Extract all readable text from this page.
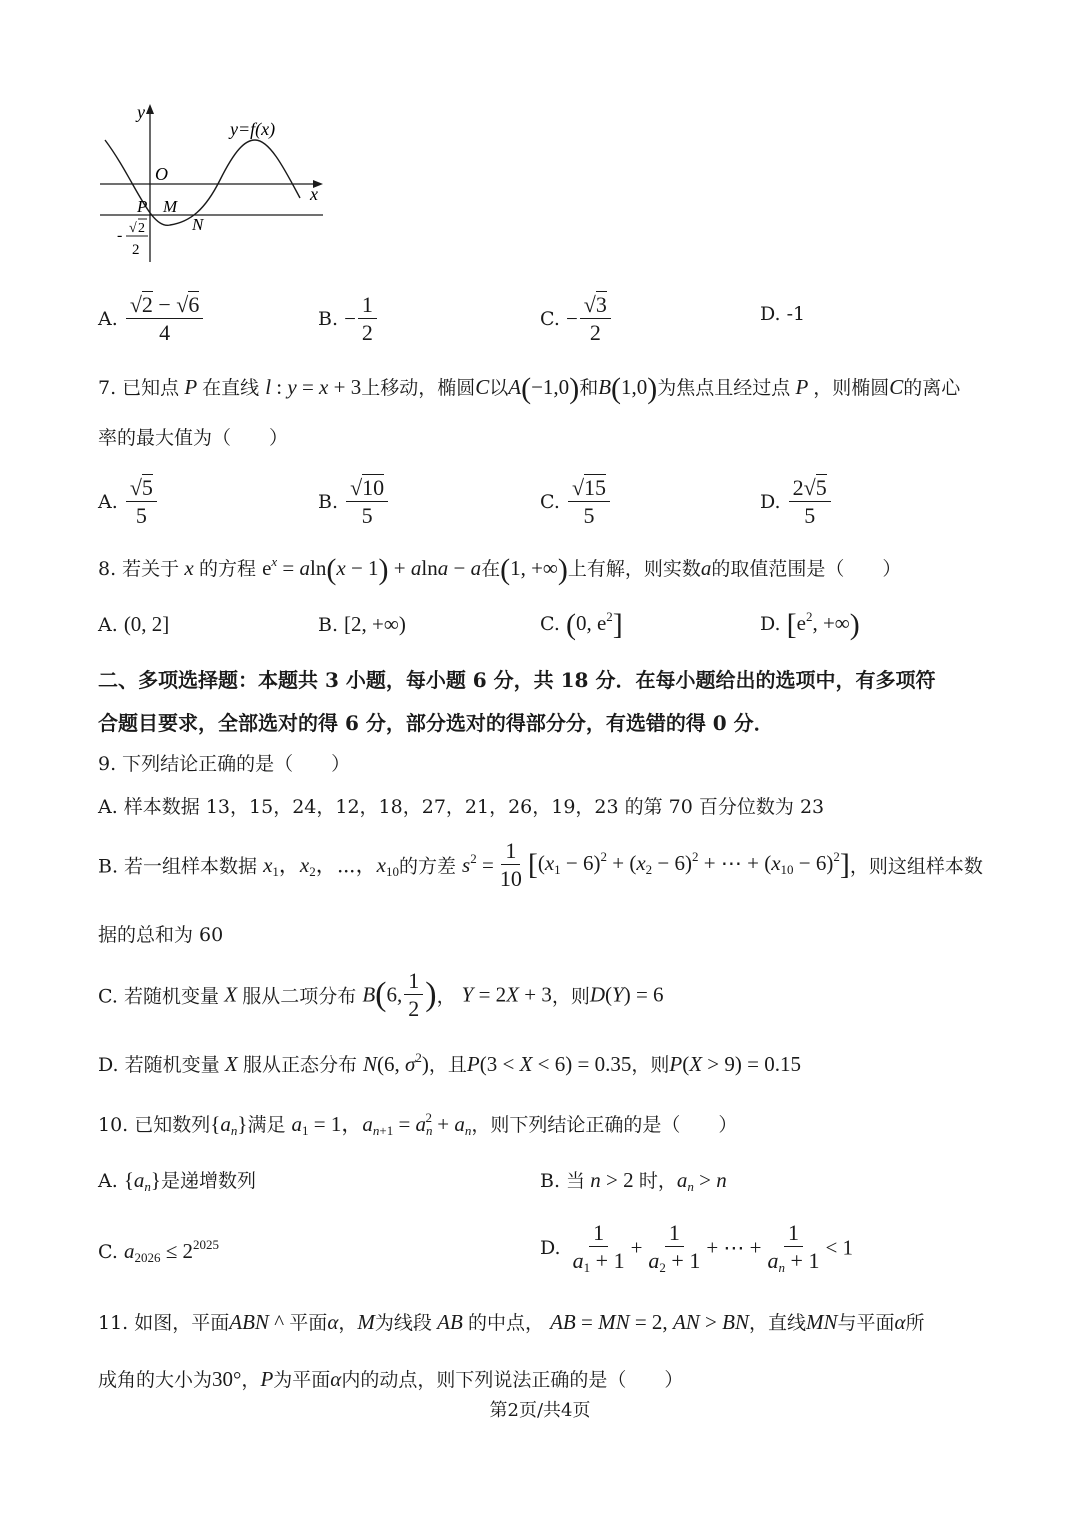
y
x
O
y=f(x)
P M
N
- √ 2
2
A. $\frac{√2 - √6}{4}$	B. − $\frac{1}{2}$	C. − $\frac{√3}{2}$	D. -1
7. 已知点 P 在直线 l : y = x + 3上移动，椭圆C以A(−1,0)和B(1,0)为焦点且经过点 P ，则椭圆C的离心
率的最大值为（　　）
A. $\frac{√5}{5}$	B. $\frac{√10}{5}$	C. $\frac{√15}{5}$	D. $\frac{2√5}{5}$
8. 若关于 x 的方程 $e^x = aln(x - 1) + alna - a$在(1, +∞)上有解，则实数a的取值范围是（　　）
A. (0, 2]	B. [2, +∞)	C. (0, $e^2$]	D. [$e^2$, +∞)
二、多项选择题：本题共 3 小题，每小题 6 分，共 18 分．在每小题给出的选项中，有多项符
合题目要求，全部选对的得 6 分，部分选对的得部分分，有选错的得 0 分．
9. 下列结论正确的是（　　）
A. 样本数据 13，15，24，12，18，27，21，26，19，23 的第 70 百分位数为 23
B. 若一组样本数据 $x_1$，$x_2$，⋯，$x_{10}$的方差 $s^2 = \frac{1}{10} [(x_1 - 6)^2 + (x_2 - 6)^2$ + ⋯ + $(x_{10} - 6)^2$]，则这组样本数
据的总和为 60
C. 若随机变量 X 服从二项分布 B(6, $\frac{1}{2}$ )， Y = 2X + 3，则D(Y) = 6
D. 若随机变量 X 服从正态分布 N(6, $\sigma^2$)，且P(3 < X < 6) = 0.35，则P(X > 9) = 0.15
10. 已知数列$\{a_n\}$满足 $a_1 = 1$，$a_{n+1} = a_n^2 + a_n$，则下列结论正确的是（　　）
A. $\{a_n\}$是递增数列	B. 当 n > 2 时，$a_n > n$
C. $a_{2026} \le 2^{2025}$	D. $\frac{1}{a_1 + 1} + \frac{1}{a_2 + 1}$ + ⋯ + $\frac{1}{a_n + 1} < 1$
11. 如图，平面ABN ^ 平面α，M为线段 AB 的中点， AB = MN = 2, AN > BN，直线MN与平面α所
成角的大小为30°，P为平面α内的动点，则下列说法正确的是（　　）
第2页/共4页
